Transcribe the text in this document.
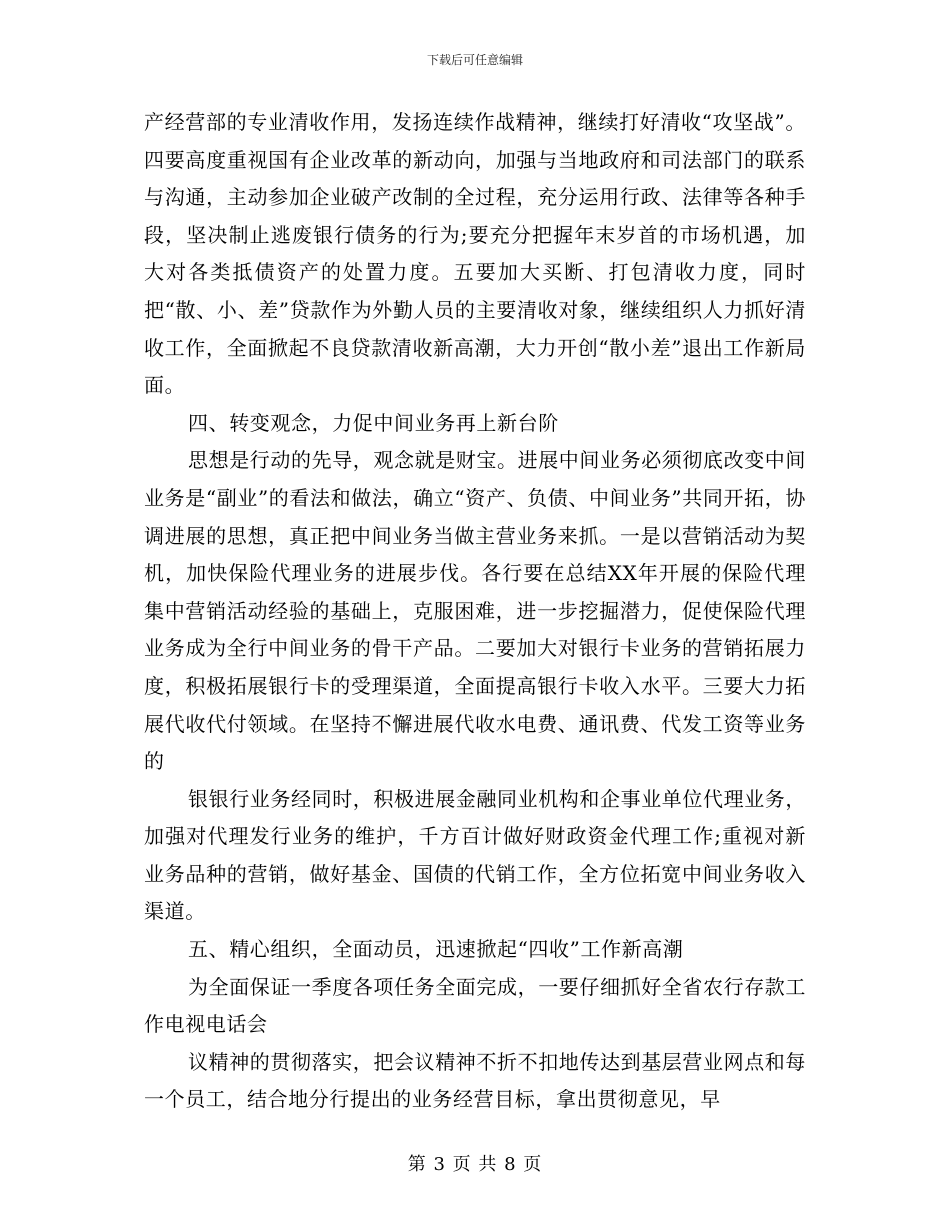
下载后可任意编辑

产经营部的专业清收作用，发扬连续作战精神，继续打好清收“攻坚战”。四要高度重视国有企业改革的新动向，加强与当地政府和司法部门的联系与沟通，主动参加企业破产改制的全过程，充分运用行政、法律等各种手段，坚决制止逃废银行债务的行为;要充分把握年末岁首的市场机遇，加大对各类抵债资产的处置力度。五要加大买断、打包清收力度，同时把“散、小、差”贷款作为外勤人员的主要清收对象，继续组织人力抓好清收工作，全面掀起不良贷款清收新高潮，大力开创“散小差”退出工作新局面。

四、转变观念，力促中间业务再上新台阶

思想是行动的先导，观念就是财宝。进展中间业务必须彻底改变中间业务是“副业”的看法和做法，确立“资产、负债、中间业务”共同开拓，协调进展的思想，真正把中间业务当做主营业务来抓。一是以营销活动为契机，加快保险代理业务的进展步伐。各行要在总结XX年开展的保险代理集中营销活动经验的基础上，克服困难，进一步挖掘潜力，促使保险代理业务成为全行中间业务的骨干产品。二要加大对银行卡业务的营销拓展力度，积极拓展银行卡的受理渠道，全面提高银行卡收入水平。三要大力拓展代收代付领域。在坚持不懈进展代收水电费、通讯费、代发工资等业务的

银银行业务经同时，积极进展金融同业机构和企事业单位代理业务，加强对代理发行业务的维护，千方百计做好财政资金代理工作;重视对新业务品种的营销，做好基金、国债的代销工作，全方位拓宽中间业务收入渠道。

五、精心组织，全面动员，迅速掀起“四收”工作新高潮

为全面保证一季度各项任务全面完成，一要仔细抓好全省农行存款工作电视电话会

议精神的贯彻落实，把会议精神不折不扣地传达到基层营业网点和每一个员工，结合地分行提出的业务经营目标，拿出贯彻意见，早

第 3 页 共 8 页
